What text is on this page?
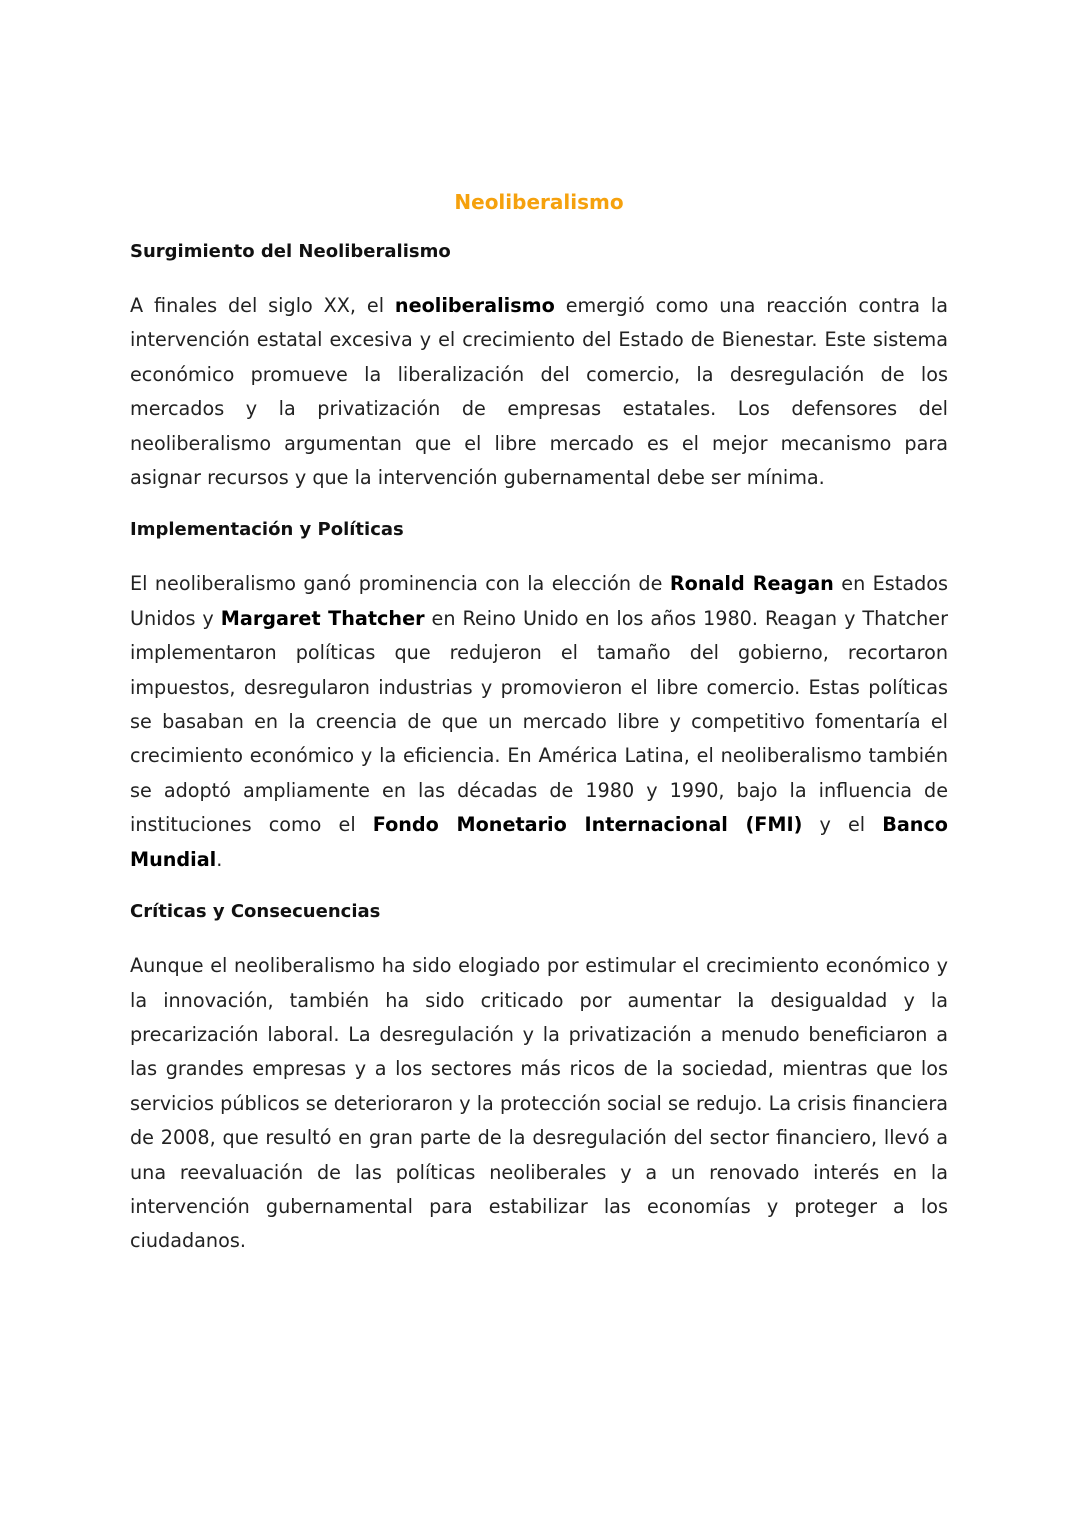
Neoliberalismo
Surgimiento del Neoliberalismo

A finales del siglo XX, el neoliberalismo emergió como una reacción contra la intervención estatal excesiva y el crecimiento del Estado de Bienestar. Este sistema económico promueve la liberalización del comercio, la desregulación de los mercados y la privatización de empresas estatales. Los defensores del neoliberalismo argumentan que el libre mercado es el mejor mecanismo para asignar recursos y que la intervención gubernamental debe ser mínima.

Implementación y Políticas

El neoliberalismo ganó prominencia con la elección de Ronald Reagan en Estados Unidos y Margaret Thatcher en Reino Unido en los años 1980. Reagan y Thatcher implementaron políticas que redujeron el tamaño del gobierno, recortaron impuestos, desregularon industrias y promovieron el libre comercio. Estas políticas se basaban en la creencia de que un mercado libre y competitivo fomentaría el crecimiento económico y la eficiencia. En América Latina, el neoliberalismo también se adoptó ampliamente en las décadas de 1980 y 1990, bajo la influencia de instituciones como el Fondo Monetario Internacional (FMI) y el Banco Mundial.

Críticas y Consecuencias

Aunque el neoliberalismo ha sido elogiado por estimular el crecimiento económico y la innovación, también ha sido criticado por aumentar la desigualdad y la precarización laboral. La desregulación y la privatización a menudo beneficiaron a las grandes empresas y a los sectores más ricos de la sociedad, mientras que los servicios públicos se deterioraron y la protección social se redujo. La crisis financiera de 2008, que resultó en gran parte de la desregulación del sector financiero, llevó a una reevaluación de las políticas neoliberales y a un renovado interés en la intervención gubernamental para estabilizar las economías y proteger a los ciudadanos.
